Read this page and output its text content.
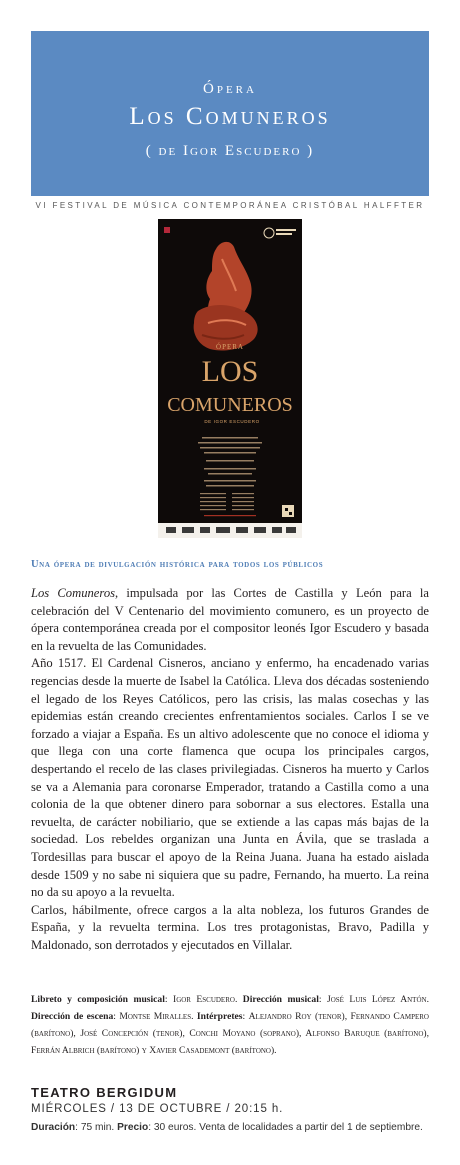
Ópera
Los Comuneros
( de Igor Escudero )
VI FESTIVAL DE MÚSICA CONTEMPORÁNEA CRISTÓBAL HALFFTER
ÓPERA
LOS
COMUNEROS
DE IGOR ESCUDERO
Una ópera de divulgación histórica para todos los públicos

Los Comuneros, impulsada por las Cortes de Castilla y León para la celebración del V Centenario del movimiento comunero, es un proyecto de ópera contemporánea creada por el compositor leonés Igor Escudero y basada en la revuelta de las Comunidades.

Año 1517. El Cardenal Cisneros, anciano y enfermo, ha encadenado varias regencias desde la muerte de Isabel la Católica. Lleva dos décadas sosteniendo el legado de los Reyes Católicos, pero las crisis, las malas cosechas y las epidemias están creando crecientes enfrentamientos sociales. Carlos I se ve forzado a viajar a España. Es un altivo adolescente que no conoce el idioma y que llega con una corte flamenca que ocupa los principales cargos, despertando el recelo de las clases privilegiadas. Cisneros ha muerto y Carlos se va a Alemania para coronarse Emperador, tratando a Castilla como a una colonia de la que obtener dinero para sobornar a sus electores. Estalla una revuelta, de carácter nobiliario, que se extiende a las capas más bajas de la sociedad. Los rebeldes organizan una Junta en Ávila, que se traslada a Tordesillas para buscar el apoyo de la Reina Juana. Juana ha estado aislada desde 1509 y no sabe ni siquiera que su padre, Fernando, ha muerto. La reina no da su apoyo a la revuelta.

Carlos, hábilmente, ofrece cargos a la alta nobleza, los futuros Grandes de España, y la revuelta termina. Los tres protagonistas, Bravo, Padilla y Maldonado, son derrotados y ejecutados en Villalar.

Libreto y composición musical: Igor Escudero. Dirección musical: José Luis López Antón. Dirección de escena: Montse Miralles. Intérpretes: Alejandro Roy (tenor), Fernando Campero (barítono), José Concepción (tenor), Conchi Moyano (soprano), Alfonso Baruque (barítono), Ferrán Albrich (barítono) y Xavier Casademont (barítono).
TEATRO BERGIDUM
MIÉRCOLES / 13 DE OCTUBRE / 20:15 h.
Duración: 75 min. Precio: 30 euros. Venta de localidades a partir del 1 de septiembre.
